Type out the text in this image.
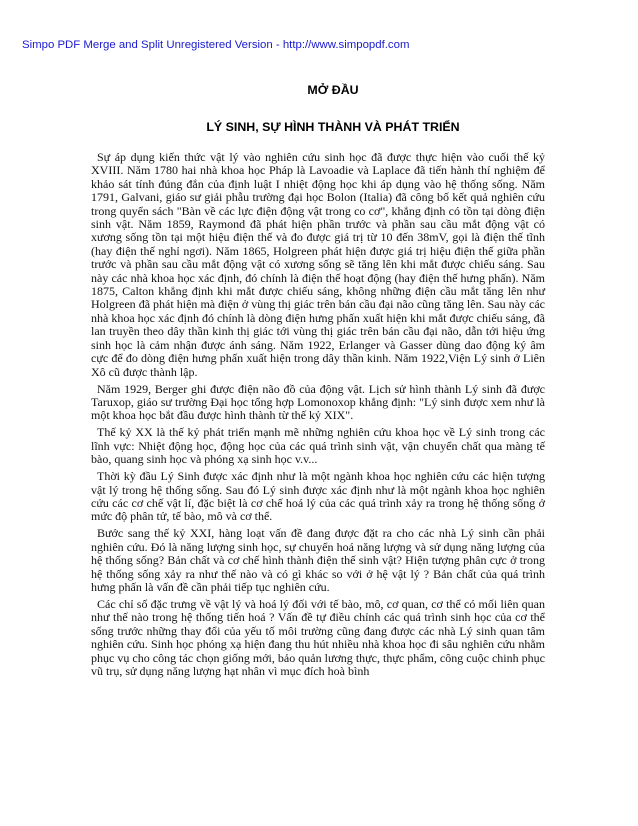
Simpo PDF Merge and Split Unregistered Version - http://www.simpopdf.com
MỞ ĐẦU
LÝ SINH, SỰ HÌNH THÀNH VÀ PHÁT TRIỂN

Sự áp dụng kiến thức vật lý vào nghiên cứu sinh học đã được thực hiện vào cuối thế kỷ XVIII. Năm 1780 hai nhà khoa học Pháp là Lavoadie và Laplace đã tiến hành thí nghiệm để khảo sát tính đúng đắn của định luật I nhiệt động học khi áp dụng vào hệ thống sống. Năm 1791, Galvani, giáo sư giải phẫu trường đại học Bolon (Italia) đã công bố kết quả nghiên cứu trong quyển sách "Bàn về các lực điện động vật trong co cơ", khẳng định có tồn tại dòng điện sinh vật. Năm 1859, Raymond đã phát hiện phần trước và phần sau cầu mắt động vật có xương sống tồn tại một hiệu điện thế và đo được giá trị từ 10 đến 38mV, gọi là điện thế tĩnh (hay điện thế nghỉ ngơi). Năm 1865, Holgreen phát hiện được giá trị hiệu điện thế giữa phần trước và phần sau cầu mắt động vật có xương sống sẽ tăng lên khi mắt được chiếu sáng. Sau này các nhà khoa học xác định, đó chính là điện thế hoạt động (hay điện thế hưng phấn). Năm 1875, Calton khẳng định khi mắt được chiếu sáng, không những điện cầu mắt tăng lên như Holgreen đã phát hiện mà điện ở vùng thị giác trên bán cầu đại não cũng tăng lên. Sau này các nhà khoa học xác định đó chính là dòng điện hưng phấn xuất hiện khi mắt được chiếu sáng, đã lan truyền theo dây thần kinh thị giác tới vùng thị giác trên bán cầu đại não, dẫn tới hiệu ứng sinh học là cảm nhận được ánh sáng. Năm 1922, Erlanger và Gasser dùng dao động ký âm cực để đo dòng điện hưng phấn xuất hiện trong dây thần kinh. Năm 1922,Viện Lý sinh ở Liên Xô cũ được thành lập.

Năm 1929, Berger ghi được điện não đồ của động vật. Lịch sử hình thành Lý sinh đã được Taruxop, giáo sư trường Đại học tổng hợp Lomonoxop khẳng định: "Lý sinh được xem như là một khoa học bắt đầu được hình thành từ thế kỷ XIX".

Thế kỷ XX là thế kỷ phát triển mạnh mẽ những nghiên cứu khoa học về Lý sinh trong các lĩnh vực: Nhiệt động học, động học của các quá trình sinh vật, vận chuyển chất qua màng tế bào, quang sinh học và phóng xạ sinh học v.v...

Thời kỳ đầu Lý Sinh được xác định như là một ngành khoa học nghiên cứu các hiện tượng vật lý trong hệ thống sống. Sau đó Lý sinh được xác định như là một ngành khoa học nghiên cứu các cơ chế vật lí, đặc biệt là cơ chế hoá lý của các quá trình xảy ra trong hệ thống sống ở mức độ phân tử, tế bào, mô và cơ thể.

Bước sang thế kỷ XXI, hàng loạt vấn đề đang được đặt ra cho các nhà Lý sinh cần phải nghiên cứu. Đó là năng lượng sinh học, sự chuyển hoá năng lượng và sử dụng năng lượng của hệ thống sống? Bản chất và cơ chế hình thành điện thế sinh vật? Hiện tượng phân cực ở trong hệ thống sống xảy ra như thế nào và có gì khác so với ở hệ vật lý ? Bản chất của quá trình hưng phấn là vấn đề cần phải tiếp tục nghiên cứu.

Các chỉ số đặc trưng về vật lý và hoá lý đối với tế bào, mô, cơ quan, cơ thể có mối liên quan như thế nào trong hệ thống tiến hoá ? Vấn đề tự điều chỉnh các quá trình sinh học của cơ thể sống trước những thay đổi của yếu tố môi trường cũng đang được các nhà Lý sinh quan tâm nghiên cứu. Sinh học phóng xạ hiện đang thu hút nhiều nhà khoa học đi sâu nghiên cứu nhằm phục vụ cho công tác chọn giống mới, bảo quản lương thực, thực phẩm, công cuộc chinh phục vũ trụ, sử dụng năng lượng hạt nhân vì mục đích hoà bình
